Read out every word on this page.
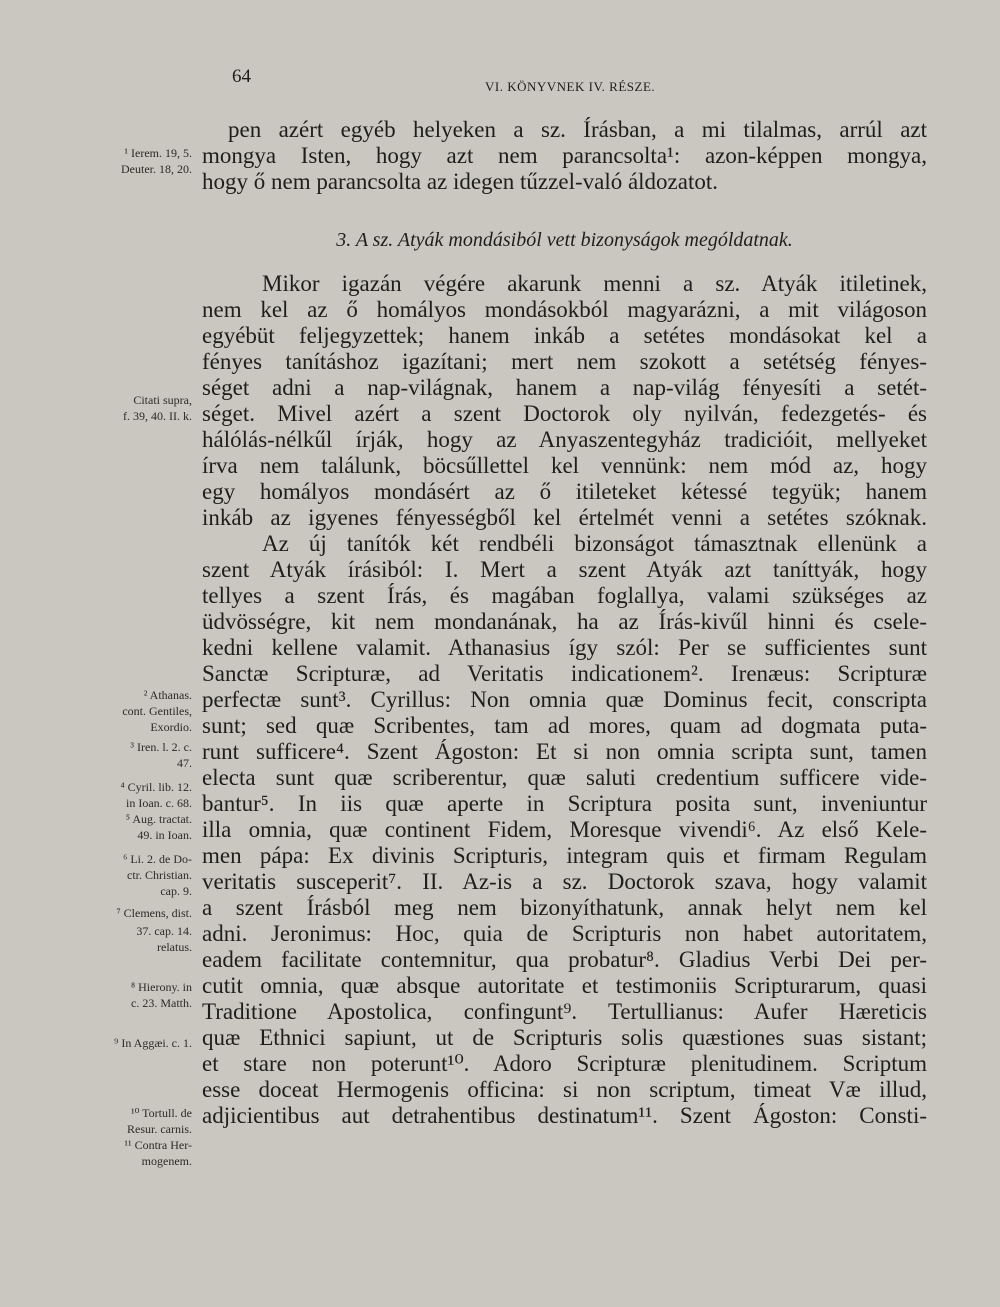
64	VI. KÖNYVNEK IV. RÉSZE.
pen azért egyéb helyeken a sz. Írásban, a mi tilalmas, arrúl azt
mongya Isten, hogy azt nem parancsolta¹: azon-képpen mongya,
hogy ő nem parancsolta az idegen tűzzel-való áldozatot.
3. A sz. Atyák mondásiból vett bizonyságok mególdatnak.
Mikor igazán végére akarunk menni a sz. Atyák itiletinek,
nem kel az ő homályos mondásokból magyarázni, a mit világoson
egyébüt feljegyzettek; hanem inkáb a setétes mondásokat kel a
fényes tanításhoz igazítani; mert nem szokott a setétség fényes-
séget adni a nap-világnak, hanem a nap-világ fényesíti a setét-
séget. Mivel azért a szent Doctorok oly nyilván, fedezgetés- és
hálólás-nélkűl írják, hogy az Anyaszentegyház tradicióit, mellyeket
írva nem találunk, böcsűllettel kel vennünk: nem mód az, hogy
egy homályos mondásért az ő itileteket kétessé tegyük; hanem
inkáb az igyenes fényességből kel értelmét venni a setétes szóknak.
Az új tanítók két rendbéli bizonságot támasztnak ellenünk a
szent Atyák írásiból: I. Mert a szent Atyák azt taníttyák, hogy
tellyes a szent Írás, és magában foglallya, valami szükséges az
üdvösségre, kit nem mondanának, ha az Írás-kivűl hinni és csele-
kedni kellene valamit. Athanasius így szól: Per se sufficientes sunt
Sanctæ Scripturæ, ad Veritatis indicationem². Irenæus: Scripturæ
perfectæ sunt³. Cyrillus: Non omnia quæ Dominus fecit, conscripta
sunt; sed quæ Scribentes, tam ad mores, quam ad dogmata puta-
runt sufficere⁴. Szent Ágoston: Et si non omnia scripta sunt, tamen
electa sunt quæ scriberentur, quæ saluti credentium sufficere vide-
bantur⁵. In iis quæ aperte in Scriptura posita sunt, inveniuntur
illa omnia, quæ continent Fidem, Moresque vivendi⁶. Az első Kele-
men pápa: Ex divinis Scripturis, integram quis et firmam Regulam
veritatis susceperit⁷. II. Az-is a sz. Doctorok szava, hogy valamit
a szent Írásból meg nem bizonyíthatunk, annak helyt nem kel
adni. Jeronimus: Hoc, quia de Scripturis non habet autoritatem,
eadem facilitate contemnitur, qua probatur⁸. Gladius Verbi Dei per-
cutit omnia, quæ absque autoritate et testimoniis Scripturarum, quasi
Traditione Apostolica, confingunt⁹. Tertullianus: Aufer Hæreticis
quæ Ethnici sapiunt, ut de Scripturis solis quæstiones suas sistant;
et stare non poterunt¹⁰. Adoro Scripturæ plenitudinem. Scriptum
esse doceat Hermogenis officina: si non scriptum, timeat Væ illud,
adjicientibus aut detrahentibus destinatum¹¹. Szent Ágoston: Consti-
¹ Ierem. 19, 5.
Deuter. 18, 20.
Citati supra,
f. 39, 40. II. k.
² Athanas.
cont. Gentiles,
Exordio.
³ Iren. l. 2. c.
47.
⁴ Cyril. lib. 12.
in Ioan. c. 68.
⁵ Aug. tractat.
49. in Ioan.
⁶ Li. 2. de Do-
ctr. Christian.
cap. 9.
⁷ Clemens, dist.
37. cap. 14.
relatus.
⁸ Hierony. in
c. 23. Matth.
⁹ In Aggæi. c. 1.
¹⁰ Tortull. de
Resur. carnis.
¹¹ Contra Her-
mogenem.
